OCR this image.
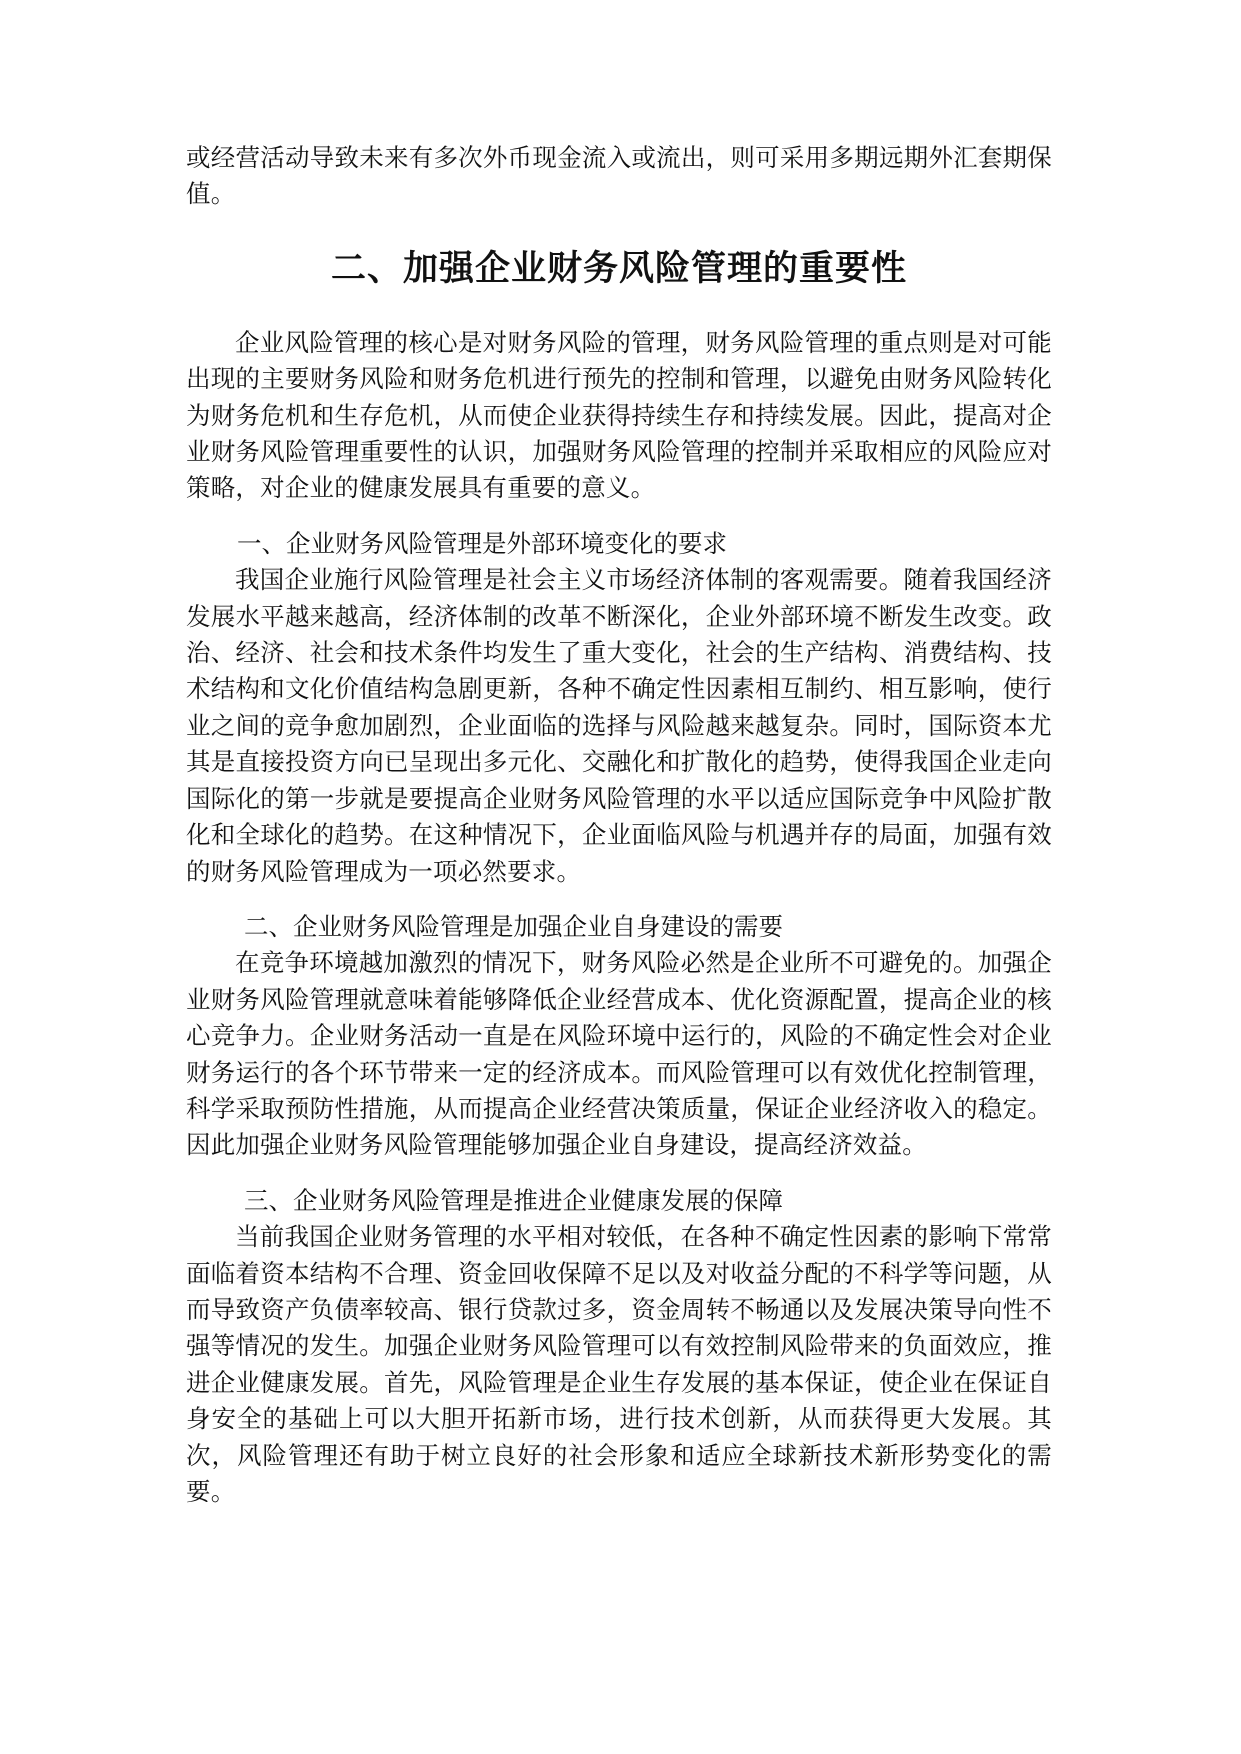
或经营活动导致未来有多次外币现金流入或流出，则可采用多期远期外汇套期保值。

二、加强企业财务风险管理的重要性

企业风险管理的核心是对财务风险的管理，财务风险管理的重点则是对可能出现的主要财务风险和财务危机进行预先的控制和管理，以避免由财务风险转化为财务危机和生存危机，从而使企业获得持续生存和持续发展。因此，提高对企业财务风险管理重要性的认识，加强财务风险管理的控制并采取相应的风险应对策略，对企业的健康发展具有重要的意义。

一、企业财务风险管理是外部环境变化的要求

我国企业施行风险管理是社会主义市场经济体制的客观需要。随着我国经济发展水平越来越高，经济体制的改革不断深化，企业外部环境不断发生改变。政治、经济、社会和技术条件均发生了重大变化，社会的生产结构、消费结构、技术结构和文化价值结构急剧更新，各种不确定性因素相互制约、相互影响，使行业之间的竞争愈加剧烈，企业面临的选择与风险越来越复杂。同时，国际资本尤其是直接投资方向已呈现出多元化、交融化和扩散化的趋势，使得我国企业走向国际化的第一步就是要提高企业财务风险管理的水平以适应国际竞争中风险扩散化和全球化的趋势。在这种情况下，企业面临风险与机遇并存的局面，加强有效的财务风险管理成为一项必然要求。

二、企业财务风险管理是加强企业自身建设的需要

在竞争环境越加激烈的情况下，财务风险必然是企业所不可避免的。加强企业财务风险管理就意味着能够降低企业经营成本、优化资源配置，提高企业的核心竞争力。企业财务活动一直是在风险环境中运行的，风险的不确定性会对企业财务运行的各个环节带来一定的经济成本。而风险管理可以有效优化控制管理，科学采取预防性措施，从而提高企业经营决策质量，保证企业经济收入的稳定。因此加强企业财务风险管理能够加强企业自身建设，提高经济效益。

三、企业财务风险管理是推进企业健康发展的保障

当前我国企业财务管理的水平相对较低，在各种不确定性因素的影响下常常面临着资本结构不合理、资金回收保障不足以及对收益分配的不科学等问题，从而导致资产负债率较高、银行贷款过多，资金周转不畅通以及发展决策导向性不强等情况的发生。加强企业财务风险管理可以有效控制风险带来的负面效应，推进企业健康发展。首先，风险管理是企业生存发展的基本保证，使企业在保证自身安全的基础上可以大胆开拓新市场，进行技术创新，从而获得更大发展。其次，风险管理还有助于树立良好的社会形象和适应全球新技术新形势变化的需要。
